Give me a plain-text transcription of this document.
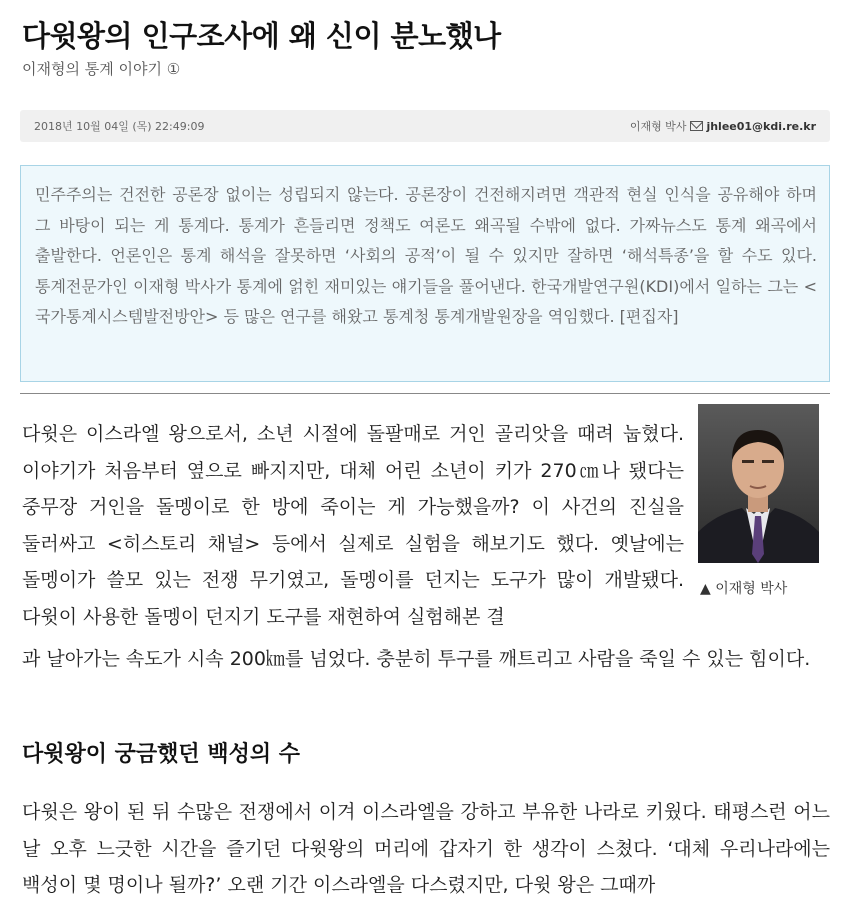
다윗왕의 인구조사에 왜 신이 분노했나
이재형의 통계 이야기 ①
2018년 10월 04일 (목) 22:49:09	이재형 박사 jhlee01@kdi.re.kr

민주주의는 건전한 공론장 없이는 성립되지 않는다. 공론장이 건전해지려면 객관적 현실 인식을 공유해야 하며 그 바탕이 되는 게 통계다. 통계가 흔들리면 정책도 여론도 왜곡될 수밖에 없다. 가짜뉴스도 통계 왜곡에서 출발한다. 언론인은 통계 해석을 잘못하면 ‘사회의 공적’이 될 수 있지만 잘하면 ‘해석특종’을 할 수도 있다. 통계전문가인 이재형 박사가 통계에 얽힌 재미있는 얘기들을 풀어낸다. 한국개발연구원(KDI)에서 일하는 그는 <국가통계시스템발전방안> 등 많은 연구를 해왔고 통계청 통계개발원장을 역임했다. [편집자]

▲ 이재형 박사

다윗은 이스라엘 왕으로서, 소년 시절에 돌팔매로 거인 골리앗을 때려 눕혔다. 이야기가 처음부터 옆으로 빠지지만, 대체 어린 소년이 키가 270㎝나 됐다는 중무장 거인을 돌멩이로 한 방에 죽이는 게 가능했을까? 이 사건의 진실을 둘러싸고 <히스토리 채널> 등에서 실제로 실험을 해보기도 했다. 옛날에는 돌멩이가 쓸모 있는 전쟁 무기였고, 돌멩이를 던지는 도구가 많이 개발됐다. 다윗이 사용한 돌멩이 던지기 도구를 재현하여 실험해본 결

과 날아가는 속도가 시속 200㎞를 넘었다. 충분히 투구를 깨트리고 사람을 죽일 수 있는 힘이다.

다윗왕이 궁금했던 백성의 수

다윗은 왕이 된 뒤 수많은 전쟁에서 이겨 이스라엘을 강하고 부유한 나라로 키웠다. 태평스런 어느 날 오후 느긋한 시간을 즐기던 다윗왕의 머리에 갑자기 한 생각이 스쳤다. ‘대체 우리나라에는 백성이 몇 명이나 될까?’ 오랜 기간 이스라엘을 다스렸지만, 다윗 왕은 그때까
